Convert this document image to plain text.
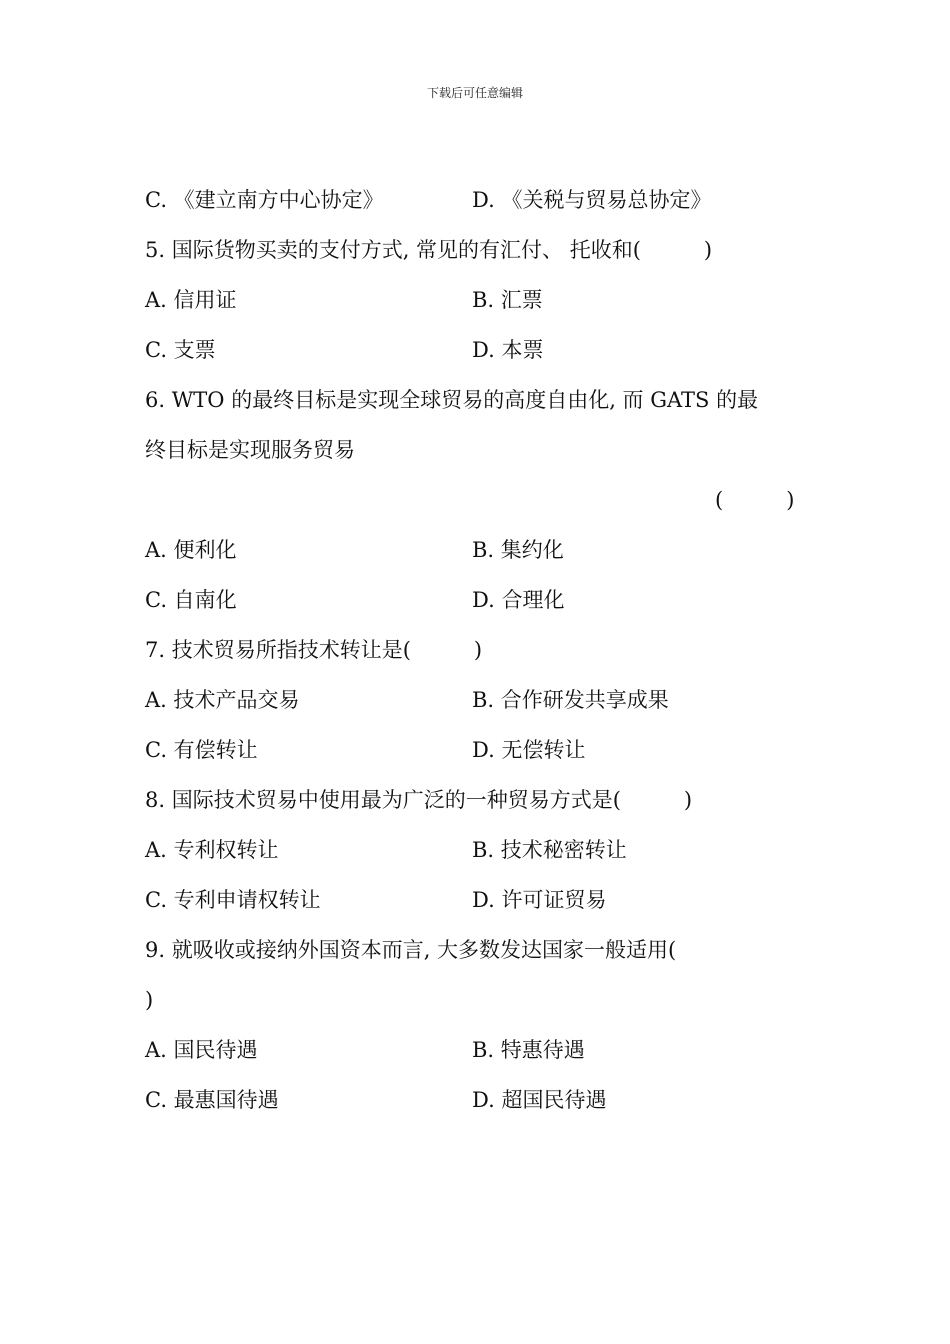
下载后可任意编辑
C. 《建立南方中心协定》	D. 《关税与贸易总协定》
5. 国际货物买卖的支付方式, 常见的有汇付、 托收和(　　　)
A. 信用证	B. 汇票
C. 支票	D. 本票
6. WTO 的最终目标是实现全球贸易的高度自由化, 而 GATS 的最
终目标是实现服务贸易
(　　　)
A. 便利化	B. 集约化
C. 自南化	D. 合理化
7. 技术贸易所指技术转让是(　　　)
A. 技术产品交易	B. 合作研发共享成果
C. 有偿转让	D. 无偿转让
8. 国际技术贸易中使用最为广泛的一种贸易方式是(　　　)
A. 专利权转让	B. 技术秘密转让
C. 专利申请权转让	D. 许可证贸易
9. 就吸收或接纳外国资本而言, 大多数发达国家一般适用(
)
A. 国民待遇	B. 特惠待遇
C. 最惠国待遇	D. 超国民待遇
